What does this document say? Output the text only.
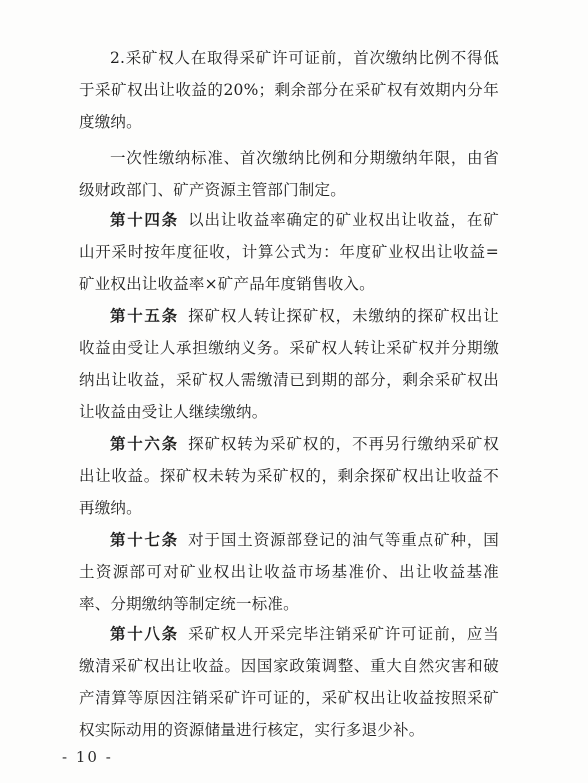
2.采矿权人在取得采矿许可证前，首次缴纳比例不得低于采矿权出让收益的20%；剩余部分在采矿权有效期内分年度缴纳。

一次性缴纳标准、首次缴纳比例和分期缴纳年限，由省级财政部门、矿产资源主管部门制定。

第十四条 以出让收益率确定的矿业权出让收益，在矿山开采时按年度征收，计算公式为：年度矿业权出让收益=矿业权出让收益率×矿产品年度销售收入。

第十五条 探矿权人转让探矿权，未缴纳的探矿权出让收益由受让人承担缴纳义务。采矿权人转让采矿权并分期缴纳出让收益，采矿权人需缴清已到期的部分，剩余采矿权出让收益由受让人继续缴纳。

第十六条 探矿权转为采矿权的，不再另行缴纳采矿权出让收益。探矿权未转为采矿权的，剩余探矿权出让收益不再缴纳。

第十七条 对于国土资源部登记的油气等重点矿种，国土资源部可对矿业权出让收益市场基准价、出让收益基准率、分期缴纳等制定统一标准。

第十八条 采矿权人开采完毕注销采矿许可证前，应当缴清采矿权出让收益。因国家政策调整、重大自然灾害和破产清算等原因注销采矿许可证的，采矿权出让收益按照采矿权实际动用的资源储量进行核定，实行多退少补。

- 10 -
